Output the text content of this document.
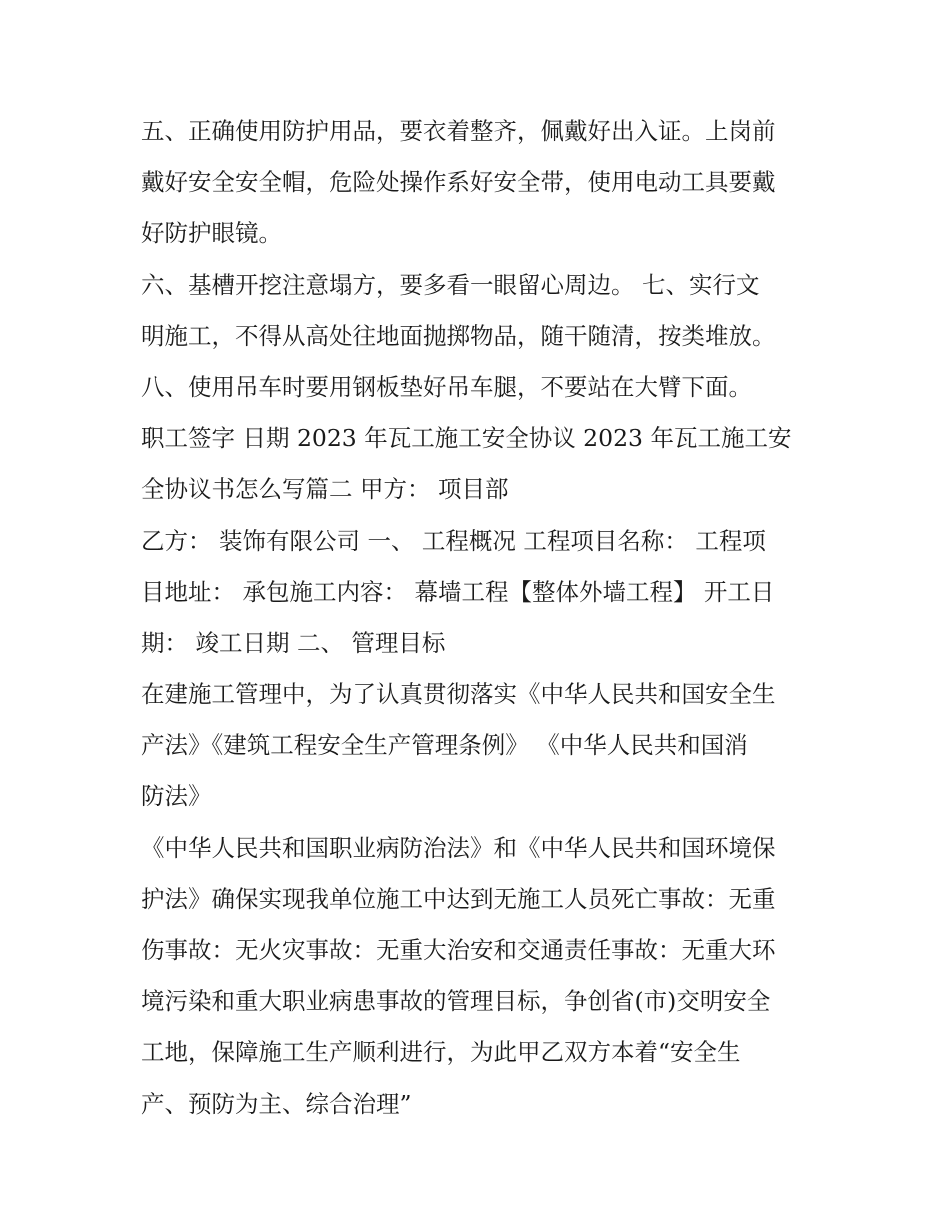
五、正确使用防护用品，要衣着整齐，佩戴好出入证。上岗前
戴好安全安全帽，危险处操作系好安全带，使用电动工具要戴
好防护眼镜。
六、基槽开挖注意塌方，要多看一眼留心周边。 七、实行文
明施工，不得从高处往地面抛掷物品，随干随清，按类堆放。
八、使用吊车时要用钢板垫好吊车腿，不要站在大臂下面。
职工签字 日期 2023 年瓦工施工安全协议 2023 年瓦工施工安
全协议书怎么写篇二 甲方： 项目部
乙方： 装饰有限公司 一、 工程概况 工程项目名称： 工程项
目地址： 承包施工内容： 幕墙工程【整体外墙工程】 开工日
期： 竣工日期 二、 管理目标
在建施工管理中，为了认真贯彻落实《中华人民共和国安全生
产法》《建筑工程安全生产管理条例》 《中华人民共和国消
防法》
《中华人民共和国职业病防治法》和《中华人民共和国环境保
护法》确保实现我单位施工中达到无施工人员死亡事故：无重
伤事故：无火灾事故：无重大治安和交通责任事故：无重大环
境污染和重大职业病患事故的管理目标，争创省(市)交明安全
工地，保障施工生产顺利进行，为此甲乙双方本着“安全生
产、预防为主、综合治理”
